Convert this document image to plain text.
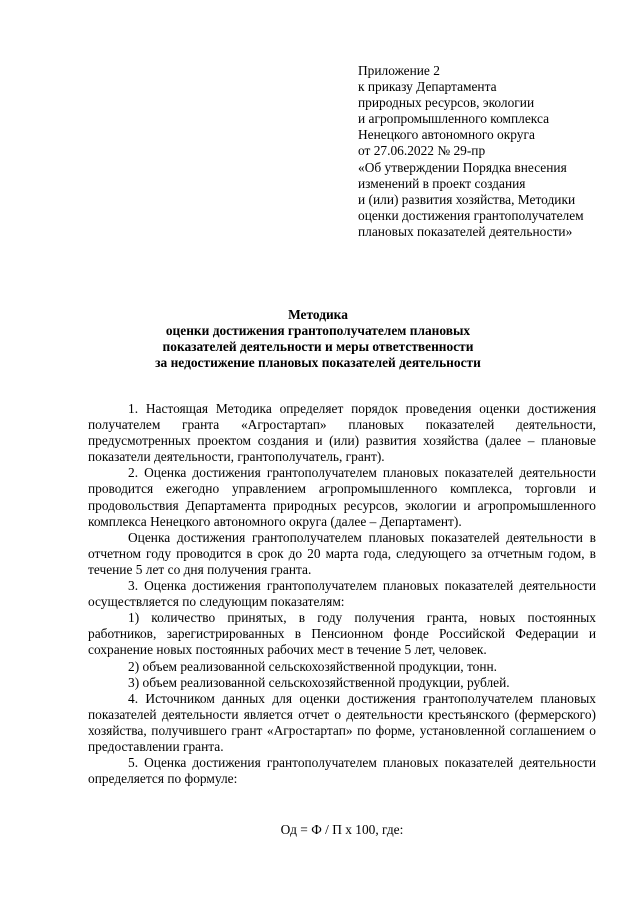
Приложение 2
к приказу Департамента
природных ресурсов, экологии
и агропромышленного комплекса
Ненецкого автономного округа
от 27.06.2022 № 29-пр
«Об утверждении Порядка внесения
изменений в проект создания
и (или) развития хозяйства, Методики
оценки достижения грантополучателем
плановых показателей деятельности»
Методика
оценки достижения грантополучателем плановых
показателей деятельности и меры ответственности
за недостижение плановых показателей деятельности

1. Настоящая Методика определяет порядок проведения оценки достижения получателем гранта «Агростартап» плановых показателей деятельности, предусмотренных проектом создания и (или) развития хозяйства (далее – плановые показатели деятельности, грантополучатель, грант).

2. Оценка достижения грантополучателем плановых показателей деятельности проводится ежегодно управлением агропромышленного комплекса, торговли и продовольствия Департамента природных ресурсов, экологии и агропромышленного комплекса Ненецкого автономного округа (далее – Департамент).

Оценка достижения грантополучателем плановых показателей деятельности в отчетном году проводится в срок до 20 марта года, следующего за отчетным годом, в течение 5 лет со дня получения гранта.

3. Оценка достижения грантополучателем плановых показателей деятельности осуществляется по следующим показателям:

1) количество принятых, в году получения гранта, новых постоянных работников, зарегистрированных в Пенсионном фонде Российской Федерации и сохранение новых постоянных рабочих мест в течение 5 лет, человек.

2) объем реализованной сельскохозяйственной продукции, тонн.

3) объем реализованной сельскохозяйственной продукции, рублей.

4. Источником данных для оценки достижения грантополучателем плановых показателей деятельности является отчет о деятельности крестьянского (фермерского) хозяйства, получившего грант «Агростартап» по форме, установленной соглашением о предоставлении гранта.

5. Оценка достижения грантополучателем плановых показателей деятельности определяется по формуле:

Од = Ф / П х 100, где:
